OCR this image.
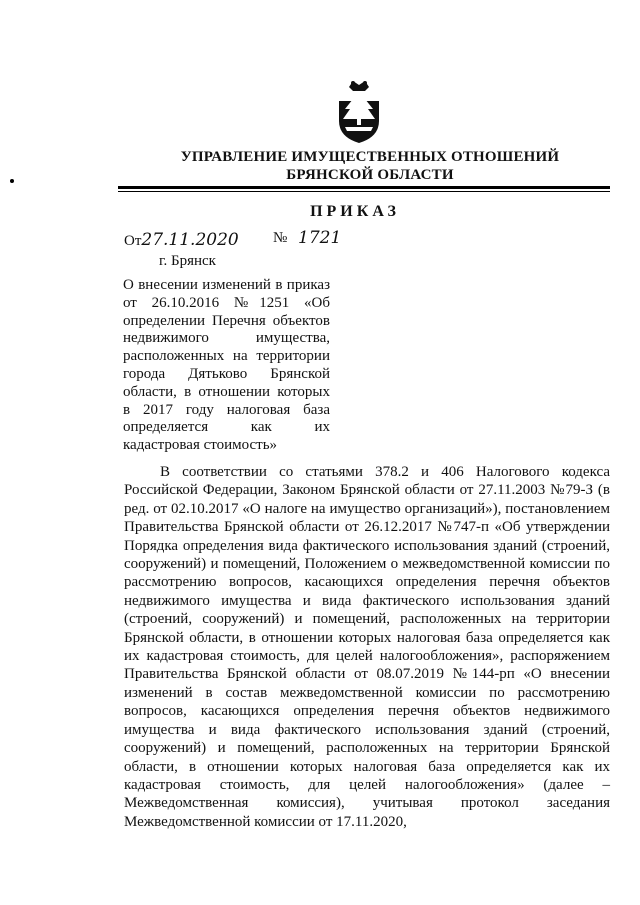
УПРАВЛЕНИЕ ИМУЩЕСТВЕННЫХ ОТНОШЕНИЙ
БРЯНСКОЙ ОБЛАСТИ
ПРИКАЗ
От27.11.2020 № 1721
г. Брянск

О внесении изменений в приказ от 26.10.2016 №1251 «Об определении Перечня объектов недвижимого имущества, расположенных на территории города Дятьково Брянской области, в отношении которых в 2017 году налоговая база определяется как их кадастровая стоимость»

В соответствии со статьями 378.2 и 406 Налогового кодекса Российской Федерации, Законом Брянской области от 27.11.2003 №79-З (в ред. от 02.10.2017 «О налоге на имущество организаций»), постановлением Правительства Брянской области от 26.12.2017 №747-п «Об утверждении Порядка определения вида фактического использования зданий (строений, сооружений) и помещений, Положением о межведомственной комиссии по рассмотрению вопросов, касающихся определения перечня объектов недвижимого имущества и вида фактического использования зданий (строений, сооружений) и помещений, расположенных на территории Брянской области, в отношении которых налоговая база определяется как их кадастровая стоимость, для целей налогообложения», распоряжением Правительства Брянской области от 08.07.2019 №144-рп «О внесении изменений в состав межведомственной комиссии по рассмотрению вопросов, касающихся определения перечня объектов недвижимого имущества и вида фактического использования зданий (строений, сооружений) и помещений, расположенных на территории Брянской области, в отношении которых налоговая база определяется как их кадастровая стоимость, для целей налогообложения» (далее – Межведомственная комиссия), учитывая протокол заседания Межведомственной комиссии от 17.11.2020,
